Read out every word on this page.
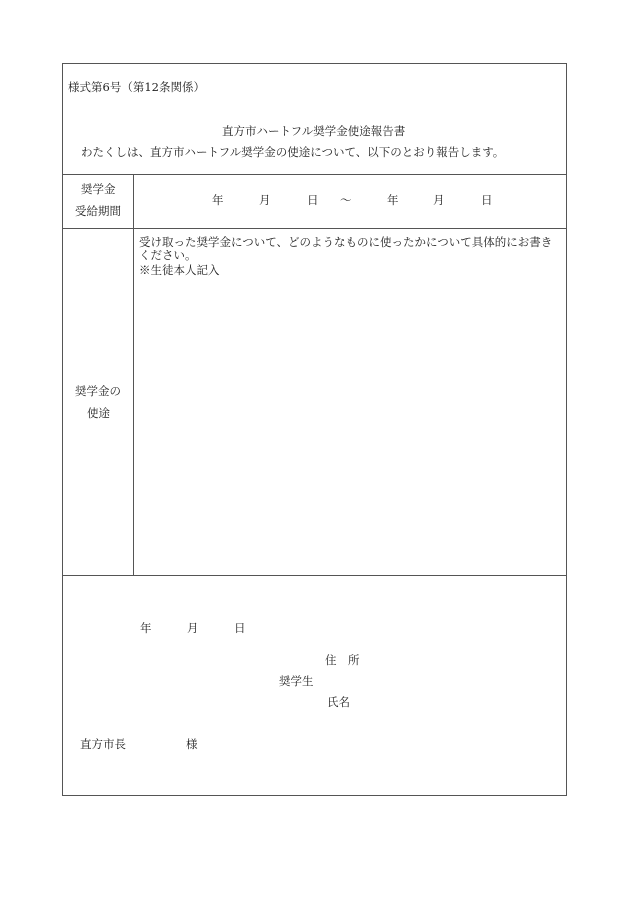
様式第6号（第12条関係）
直方市ハートフル奨学金使途報告書
わたくしは、直方市ハートフル奨学金の使途について、以下のとおり報告します。
奨学金
受給期間
年	月	日 ～	年	月	日
奨学金の
使途
受け取った奨学金について、どのようなものに使ったかについて具体的にお書き
ください。
※生徒本人記入
年	月	日
住　所
奨学生
氏名
直方市長	様
